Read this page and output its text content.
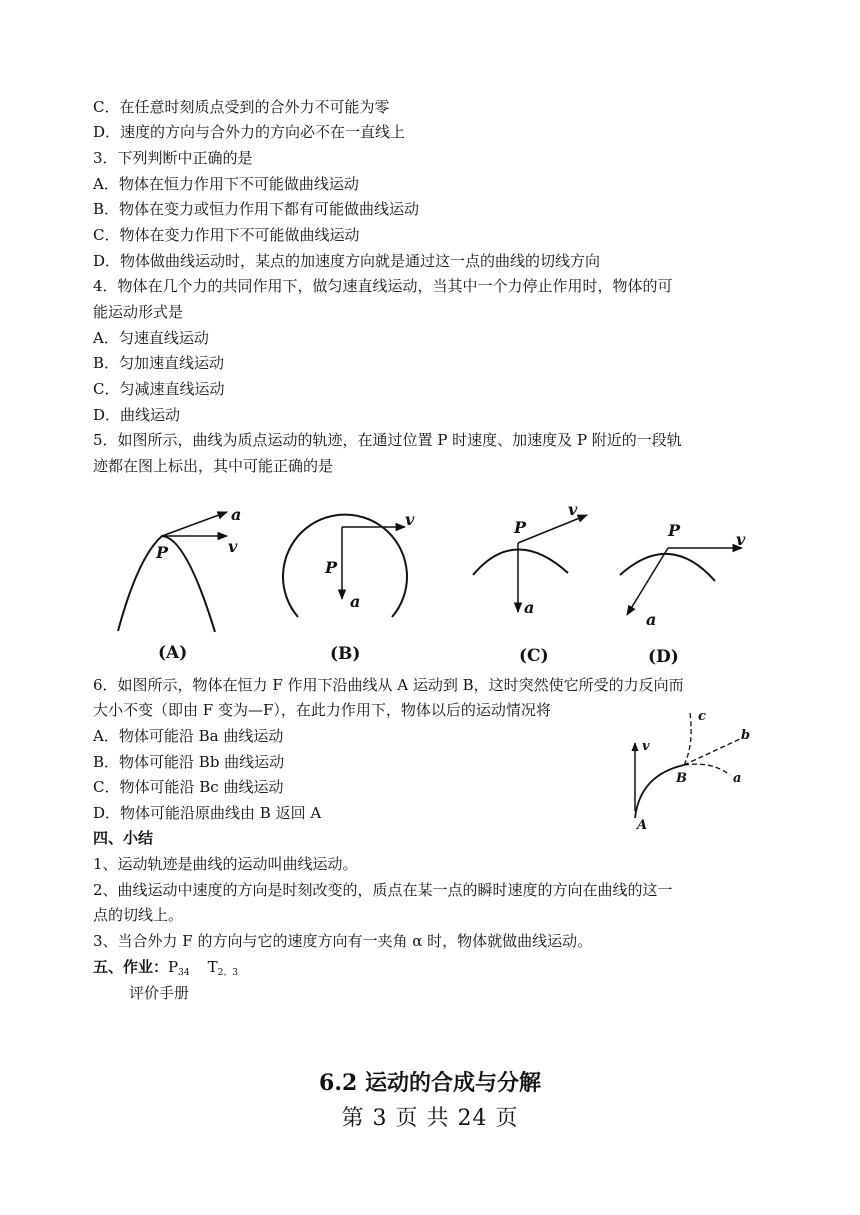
C．在任意时刻质点受到的合外力不可能为零
D．速度的方向与合外力的方向必不在一直线上
3．下列判断中正确的是
A．物体在恒力作用下不可能做曲线运动
B．物体在变力或恒力作用下都有可能做曲线运动
C．物体在变力作用下不可能做曲线运动
D．物体做曲线运动时，某点的加速度方向就是通过这一点的曲线的切线方向
4．物体在几个力的共同作用下，做匀速直线运动，当其中一个力停止作用时，物体的可
能运动形式是
A．匀速直线运动
B．匀加速直线运动
C．匀减速直线运动
D．曲线运动
5．如图所示，曲线为质点运动的轨迹，在通过位置 P 时速度、加速度及 P 附近的一段轨
迹都在图上标出，其中可能正确的是
a
v
P
(A)
v
P
a
(B)
v
P
a
(C)
v
P
a
(D)
6．如图所示，物体在恒力 F 作用下沿曲线从 A 运动到 B，这时突然使它所受的力反向而
大小不变（即由 F 变为—F），在此力作用下，物体以后的运动情况将
A．物体可能沿 Ba 曲线运动
B．物体可能沿 Bb 曲线运动
C．物体可能沿 Bc 曲线运动
D．物体可能沿原曲线由 B 返回 A
v
A
B	a
b
c
四、小结
1、运动轨迹是曲线的运动叫曲线运动。
2、曲线运动中速度的方向是时刻改变的，质点在某一点的瞬时速度的方向在曲线的这一
点的切线上。
3、当合外力 F 的方向与它的速度方向有一夹角 α 时，物体就做曲线运动。
五、作业：$P_{34}$ $T_{2、3}$
评价手册
6.2 运动的合成与分解
第 3 页 共 24 页
